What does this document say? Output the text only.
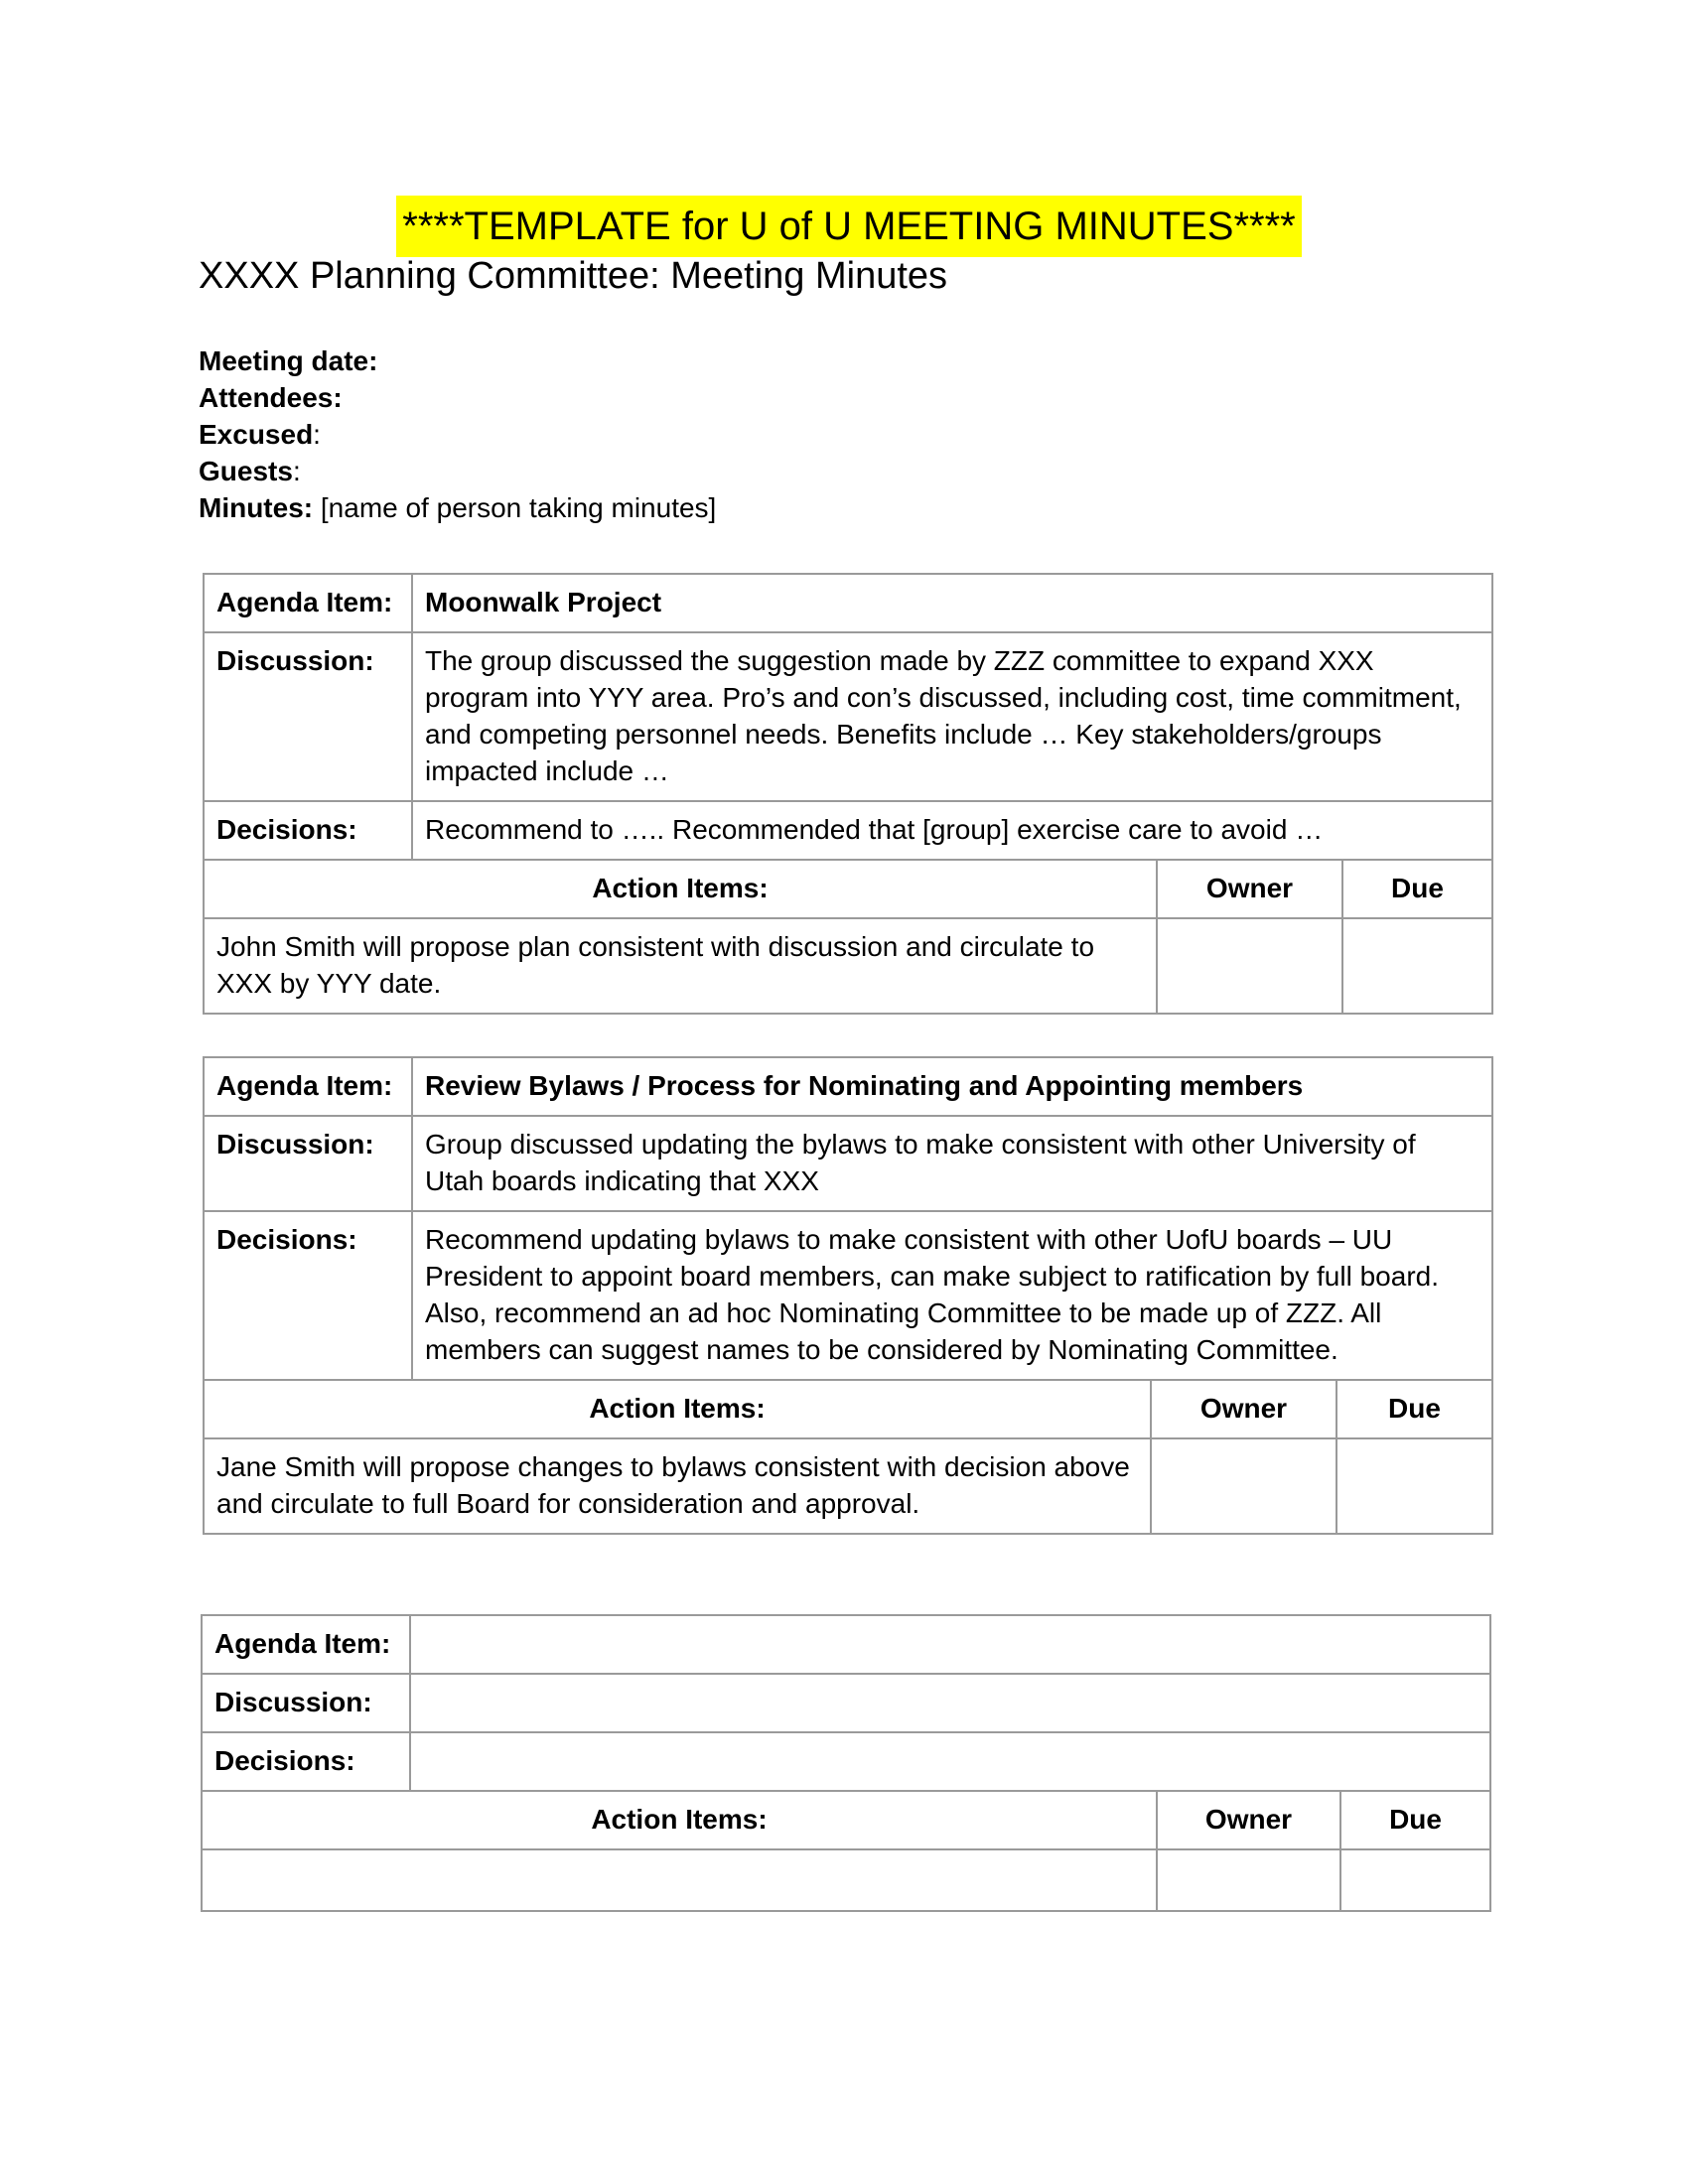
****TEMPLATE for U of U MEETING MINUTES****
XXXX Planning Committee: Meeting Minutes
Meeting date:
Attendees:
Excused:
Guests:
Minutes: [name of person taking minutes]
Agenda Item:	Moonwalk Project		
Discussion:	The group discussed the suggestion made by ZZZ committee to expand XXX program into YYY area. Pro’s and con’s discussed, including cost, time commitment, and competing personnel needs. Benefits include … Key stakeholders/groups impacted include …		
Decisions:	Recommend to ….. Recommended that [group] exercise care to avoid …		
Action Items:		Owner	Due
John Smith will propose plan consistent with discussion and circulate to XXX by YYY date.			
Agenda Item:	Review Bylaws / Process for Nominating and Appointing members		
Discussion:	Group discussed updating the bylaws to make consistent with other University of Utah boards indicating that XXX		
Decisions:	Recommend updating bylaws to make consistent with other UofU boards – UU President to appoint board members, can make subject to ratification by full board. Also, recommend an ad hoc Nominating Committee to be made up of ZZZ. All members can suggest names to be considered by Nominating Committee.		
Action Items:		Owner	Due
Jane Smith will propose changes to bylaws consistent with decision above and circulate to full Board for consideration and approval.			
Agenda Item:			
Discussion:			
Decisions:			
Action Items:		Owner	Due
